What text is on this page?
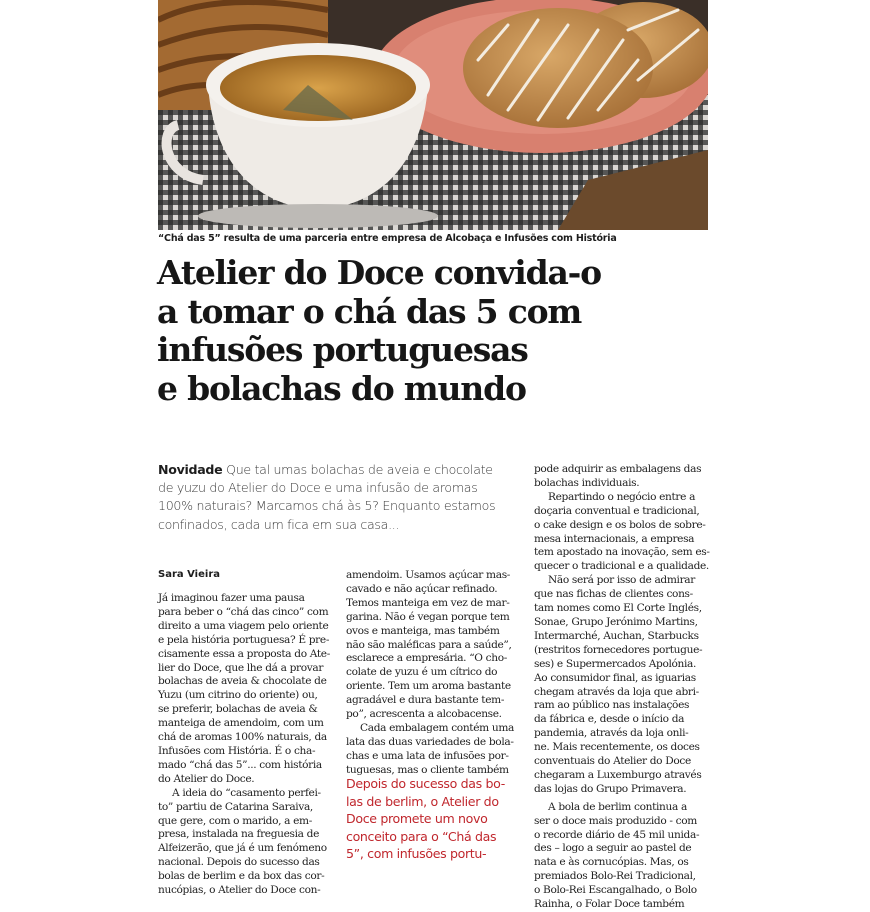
“Chá das 5” resulta de uma parceria entre empresa de Alcobaça e Infusões com História
Atelier do Doce convida-o
a tomar o chá das 5 com
infusões portuguesas
e bolachas do mundo
Novidade Que tal umas bolachas de aveia e chocolate
de yuzu do Atelier do Doce e uma infusão de aromas
100% naturais? Marcamos chá às 5? Enquanto estamos
confinados, cada um fica em sua casa...
Sara Vieira
Já imaginou fazer uma pausa
para beber o “chá das cinco” com
direito a uma viagem pelo oriente
e pela história portuguesa? É pre-
cisamente essa a proposta do Ate-
lier do Doce, que lhe dá a provar
bolachas de aveia & chocolate de
Yuzu (um citrino do oriente) ou,
se preferir, bolachas de aveia &
manteiga de amendoim, com um
chá de aromas 100% naturais, da
Infusões com História. É o cha-
mado “chá das 5”... com história
do Atelier do Doce.
A ideia do “casamento perfei-
to” partiu de Catarina Saraiva,
que gere, com o marido, a em-
presa, instalada na freguesia de
Alfeizerão, que já é um fenómeno
nacional. Depois do sucesso das
bolas de berlim e da box das cor-
nucópias, o Atelier do Doce con-
amendoim. Usamos açúcar mas-
cavado e não açúcar refinado.
Temos manteiga em vez de mar-
garina. Não é vegan porque tem
ovos e manteiga, mas também
não são maléficas para a saúde”,
esclarece a empresária. “O cho-
colate de yuzu é um cítrico do
oriente. Tem um aroma bastante
agradável e dura bastante tem-
po”, acrescenta a alcobacense.
Cada embalagem contém uma
lata das duas variedades de bola-
chas e uma lata de infusões por-
tuguesas, mas o cliente também
Depois do sucesso das bo-
las de berlim, o Atelier do
Doce promete um novo
conceito para o “Chá das
5”, com infusões portu-
pode adquirir as embalagens das
bolachas individuais.
Repartindo o negócio entre a
doçaria conventual e tradicional,
o cake design e os bolos de sobre-
mesa internacionais, a empresa
tem apostado na inovação, sem es-
quecer o tradicional e a qualidade.
Não será por isso de admirar
que nas fichas de clientes cons-
tam nomes como El Corte Inglés,
Sonae, Grupo Jerónimo Martins,
Intermarché, Auchan, Starbucks
(restritos fornecedores portugue-
ses) e Supermercados Apolónia.
Ao consumidor final, as iguarias
chegam através da loja que abri-
ram ao público nas instalações
da fábrica e, desde o início da
pandemia, através da loja onli-
ne. Mais recentemente, os doces
conventuais do Atelier do Doce
chegaram a Luxemburgo através
das lojas do Grupo Primavera.
A bola de berlim continua a
ser o doce mais produzido - com
o recorde diário de 45 mil unida-
des – logo a seguir ao pastel de
nata e às cornucópias. Mas, os
premiados Bolo-Rei Tradicional,
o Bolo-Rei Escangalhado, o Bolo
Rainha, o Folar Doce também
